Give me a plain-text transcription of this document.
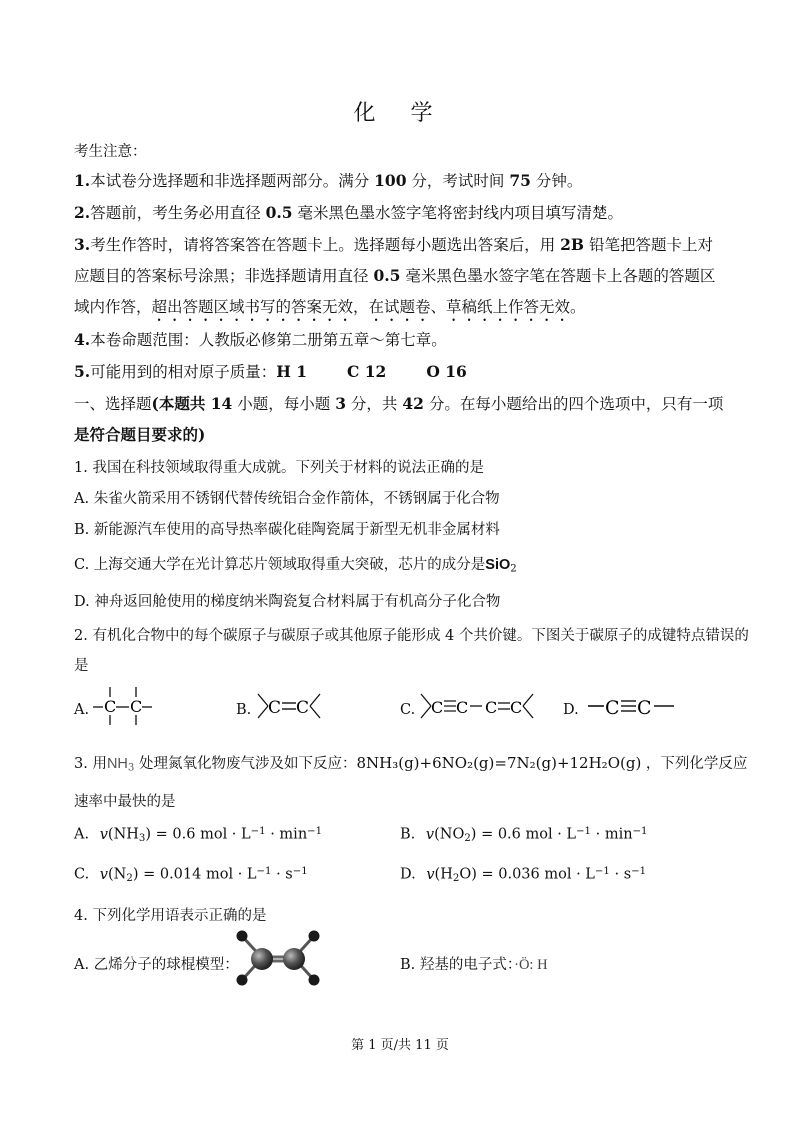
化 学
考生注意：
1.本试卷分选择题和非选择题两部分。满分 100 分，考试时间 75 分钟。
2.答题前，考生务必用直径 0.5 毫米黑色墨水签字笔将密封线内项目填写清楚。
3.考生作答时，请将答案答在答题卡上。选择题每小题选出答案后，用 2B 铅笔把答题卡上对
应题目的答案标号涂黑；非选择题请用直径 0.5 毫米黑色墨水签字笔在答题卡上各题的答题区
域内作答，超出答题区域书写的答案无效，在试题卷、草稿纸上作答无效。
4.本卷命题范围：人教版必修第二册第五章～第七章。
5.可能用到的相对原子质量：H 1	C 12	O 16
一、选择题(本题共 14 小题，每小题 3 分，共 42 分。在每小题给出的四个选项中，只有一项
是符合题目要求的)
1. 我国在科技领域取得重大成就。下列关于材料的说法正确的是
A. 朱雀火箭采用不锈钢代替传统铝合金作箭体，不锈钢属于化合物
B. 新能源汽车使用的高导热率碳化硅陶瓷属于新型无机非金属材料
C. 上海交通大学在光计算芯片领域取得重大突破，芯片的成分是SiO$_2$
D. 神舟返回舱使用的梯度纳米陶瓷复合材料属于有机高分子化合物
2. 有机化合物中的每个碳原子与碳原子或其他原子能形成 4 个共价键。下图关于碳原子的成键特点错误的
是
A. C C	B. C C	C. C C C C	D. C C
3. 用$NH_3$ 处理氮氧化物废气涉及如下反应：8NH₃(g)+6NO₂(g)=7N₂(g)+12H₂O(g) ，下列化学反应
速率中最快的是
A. $v(NH_3) = 0.6$ mol · $L^{-1} \cdot \min^{-1}$	B. $v(NO_2) = 0.6$ mol · $L^{-1} \cdot \min^{-1}$
C. $v(N_2) = 0.014$ mol · $L^{-1} \cdot s^{-1}$	D. $v(H_2O) = 0.036$ mol · $L^{-1} \cdot s^{-1}$
4. 下列化学用语表示正确的是
A. 乙烯分子的球棍模型：	B. 羟基的电子式：·Ö: H
第 1 页/共 11 页
